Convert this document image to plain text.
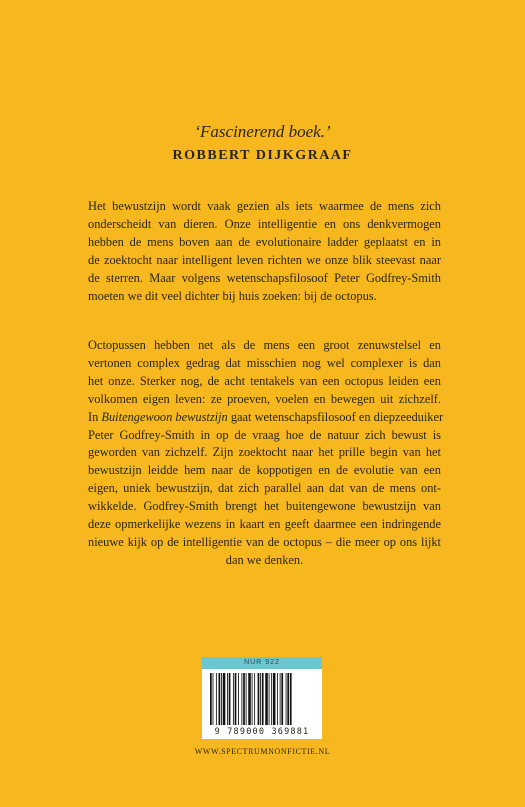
‘Fascinerend boek.’
ROBBERT DIJKGRAAF
Het bewustzijn wordt vaak gezien als iets waarmee de mens zich
onderscheidt van dieren. Onze intelligentie en ons denkvermogen
hebben de mens boven aan de evolutionaire ladder geplaatst en in
de zoektocht naar intelligent leven richten we onze blik steevast naar
de sterren. Maar volgens wetenschapsfilosoof Peter Godfrey-Smith
moeten we dit veel dichter bij huis zoeken: bij de octopus.
Octopussen hebben net als de mens een groot zenuwstelsel en
vertonen complex gedrag dat misschien nog wel complexer is dan
het onze. Sterker nog, de acht tentakels van een octopus leiden een
volkomen eigen leven: ze proeven, voelen en bewegen uit zichzelf.
In Buitengewoon bewustzijn gaat wetenschapsfilosoof en diepzeeduiker
Peter Godfrey-Smith in op de vraag hoe de natuur zich bewust is
geworden van zichzelf. Zijn zoektocht naar het prille begin van het
bewustzijn leidde hem naar de koppotigen en de evolutie van een
eigen, uniek bewustzijn, dat zich parallel aan dat van de mens ont-
wikkelde. Godfrey-Smith brengt het buitengewone bewustzijn van
deze opmerkelijke wezens in kaart en geeft daarmee een indringende
nieuwe kijk op de intelligentie van de octopus – die meer op ons lijkt
dan we denken.
NUR 922
9 789000 369881
WWW.SPECTRUMNONFICTIE.NL
